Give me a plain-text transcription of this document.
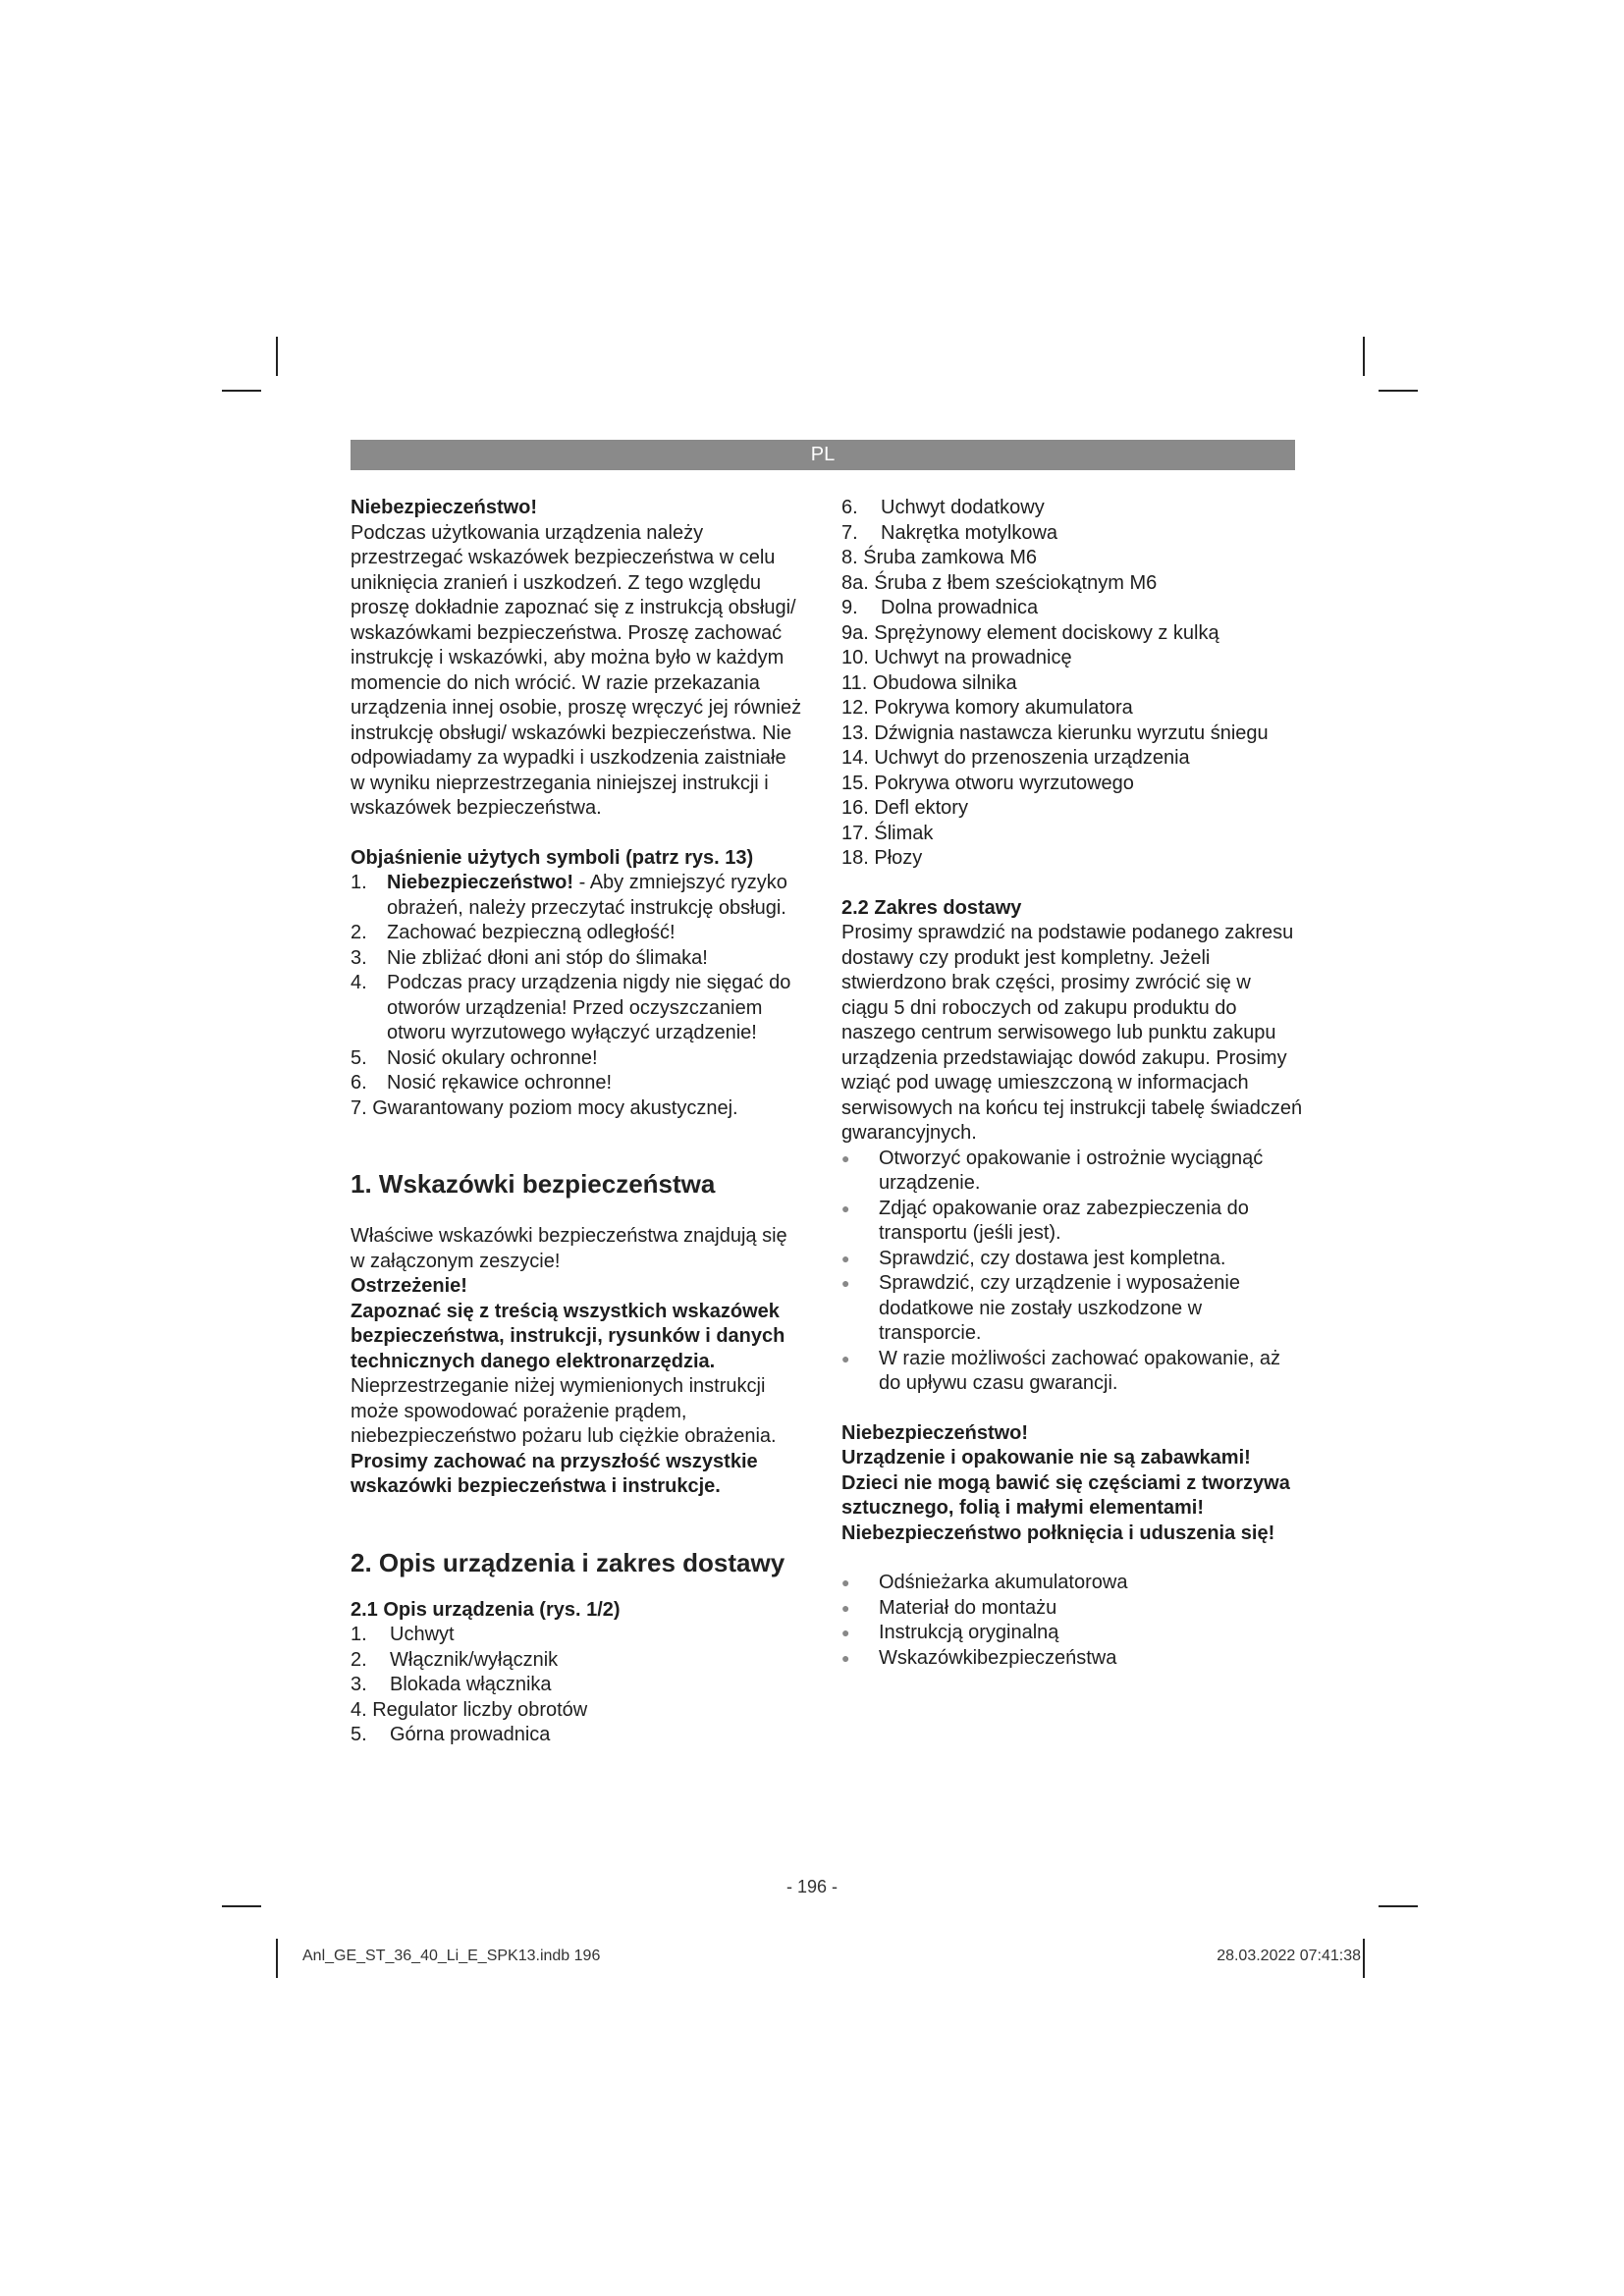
PL

Niebezpieczeństwo!

Podczas użytkowania urządzenia należy przestrzegać wskazówek bezpieczeństwa w celu uniknięcia zranień i uszkodzeń. Z tego względu proszę dokładnie zapoznać się z instrukcją obsługi/ wskazówkami bezpieczeństwa. Proszę zachować instrukcję i wskazówki, aby można było w każdym momencie do nich wrócić. W razie przekazania urządzenia innej osobie, proszę wręczyć jej również instrukcję obsługi/ wskazówki bezpieczeństwa. Nie odpowiadamy za wypadki i uszkodzenia zaistniałe w wyniku nieprzestrzegania niniejszej instrukcji i wskazówek bezpieczeństwa.

Objaśnienie użytych symboli (patrz rys. 13)

1.	Niebezpieczeństwo! - Aby zmniejszyć ryzyko obrażeń, należy przeczytać instrukcję obsługi.
2.	Zachować bezpieczną odległość!
3.	Nie zbliżać dłoni ani stóp do ślimaka!
4.	Podczas pracy urządzenia nigdy nie sięgać do otworów urządzenia! Przed oczyszczaniem otworu wyrzutowego wyłączyć urządzenie!
5.	Nosić okulary ochronne!
6.	Nosić rękawice ochronne!

7. Gwarantowany poziom mocy akustycznej.

1. Wskazówki bezpieczeństwa

Właściwe wskazówki bezpieczeństwa znajdują się w załączonym zeszycie!

Ostrzeżenie!

Zapoznać się z treścią wszystkich wskazówek bezpieczeństwa, instrukcji, rysunków i danych technicznych danego elektronarzędzia. Nieprzestrzeganie niżej wymienionych instrukcji może spowodować porażenie prądem, niebezpieczeństwo pożaru lub ciężkie obrażenia.

Prosimy zachować na przyszłość wszystkie wskazówki bezpieczeństwa i instrukcje.

2. Opis urządzenia i zakres dostawy

2.1 Opis urządzenia (rys. 1/2)

1.	Uchwyt
2.	Włącznik/wyłącznik
3.	Blokada włącznika

4. Regulator liczby obrotów

5.	Górna prowadnica
6.	Uchwyt dodatkowy
7.	Nakrętka motylkowa

8. Śruba zamkowa M6

8a. Śruba z łbem sześciokątnym M6

9.	Dolna prowadnica

9a. Sprężynowy element dociskowy z kulką

10. Uchwyt na prowadnicę

11. Obudowa silnika

12. Pokrywa komory akumulatora

13. Dźwignia nastawcza kierunku wyrzutu śniegu

14. Uchwyt do przenoszenia urządzenia

15. Pokrywa otworu wyrzutowego

16. Defl ektory

17. Ślimak

18. Płozy

2.2 Zakres dostawy

Prosimy sprawdzić na podstawie podanego zakresu dostawy czy produkt jest kompletny. Jeżeli stwierdzono brak części, prosimy zwrócić się w ciągu 5 dni roboczych od zakupu produktu do naszego centrum serwisowego lub punktu zakupu urządzenia przedstawiając dowód zakupu. Prosimy wziąć pod uwagę umieszczoną w informacjach serwisowych na końcu tej instrukcji tabelę świadczeń gwarancyjnych.

●	Otworzyć opakowanie i ostrożnie wyciągnąć urządzenie.
●	Zdjąć opakowanie oraz zabezpieczenia do transportu (jeśli jest).
●	Sprawdzić, czy dostawa jest kompletna.
●	Sprawdzić, czy urządzenie i wyposażenie dodatkowe nie zostały uszkodzone w transporcie.
●	W razie możliwości zachować opakowanie, aż do upływu czasu gwarancji.

Niebezpieczeństwo!

Urządzenie i opakowanie nie są zabawkami! Dzieci nie mogą bawić się częściami z tworzywa sztucznego, folią i małymi elementami! Niebezpieczeństwo połknięcia i uduszenia się!

●	Odśnieżarka akumulatorowa
●	Materiał do montażu
●	Instrukcją oryginalną
●	Wskazówkibezpieczeństwa
- 196 -
Anl_GE_ST_36_40_Li_E_SPK13.indb 196	28.03.2022 07:41:38
